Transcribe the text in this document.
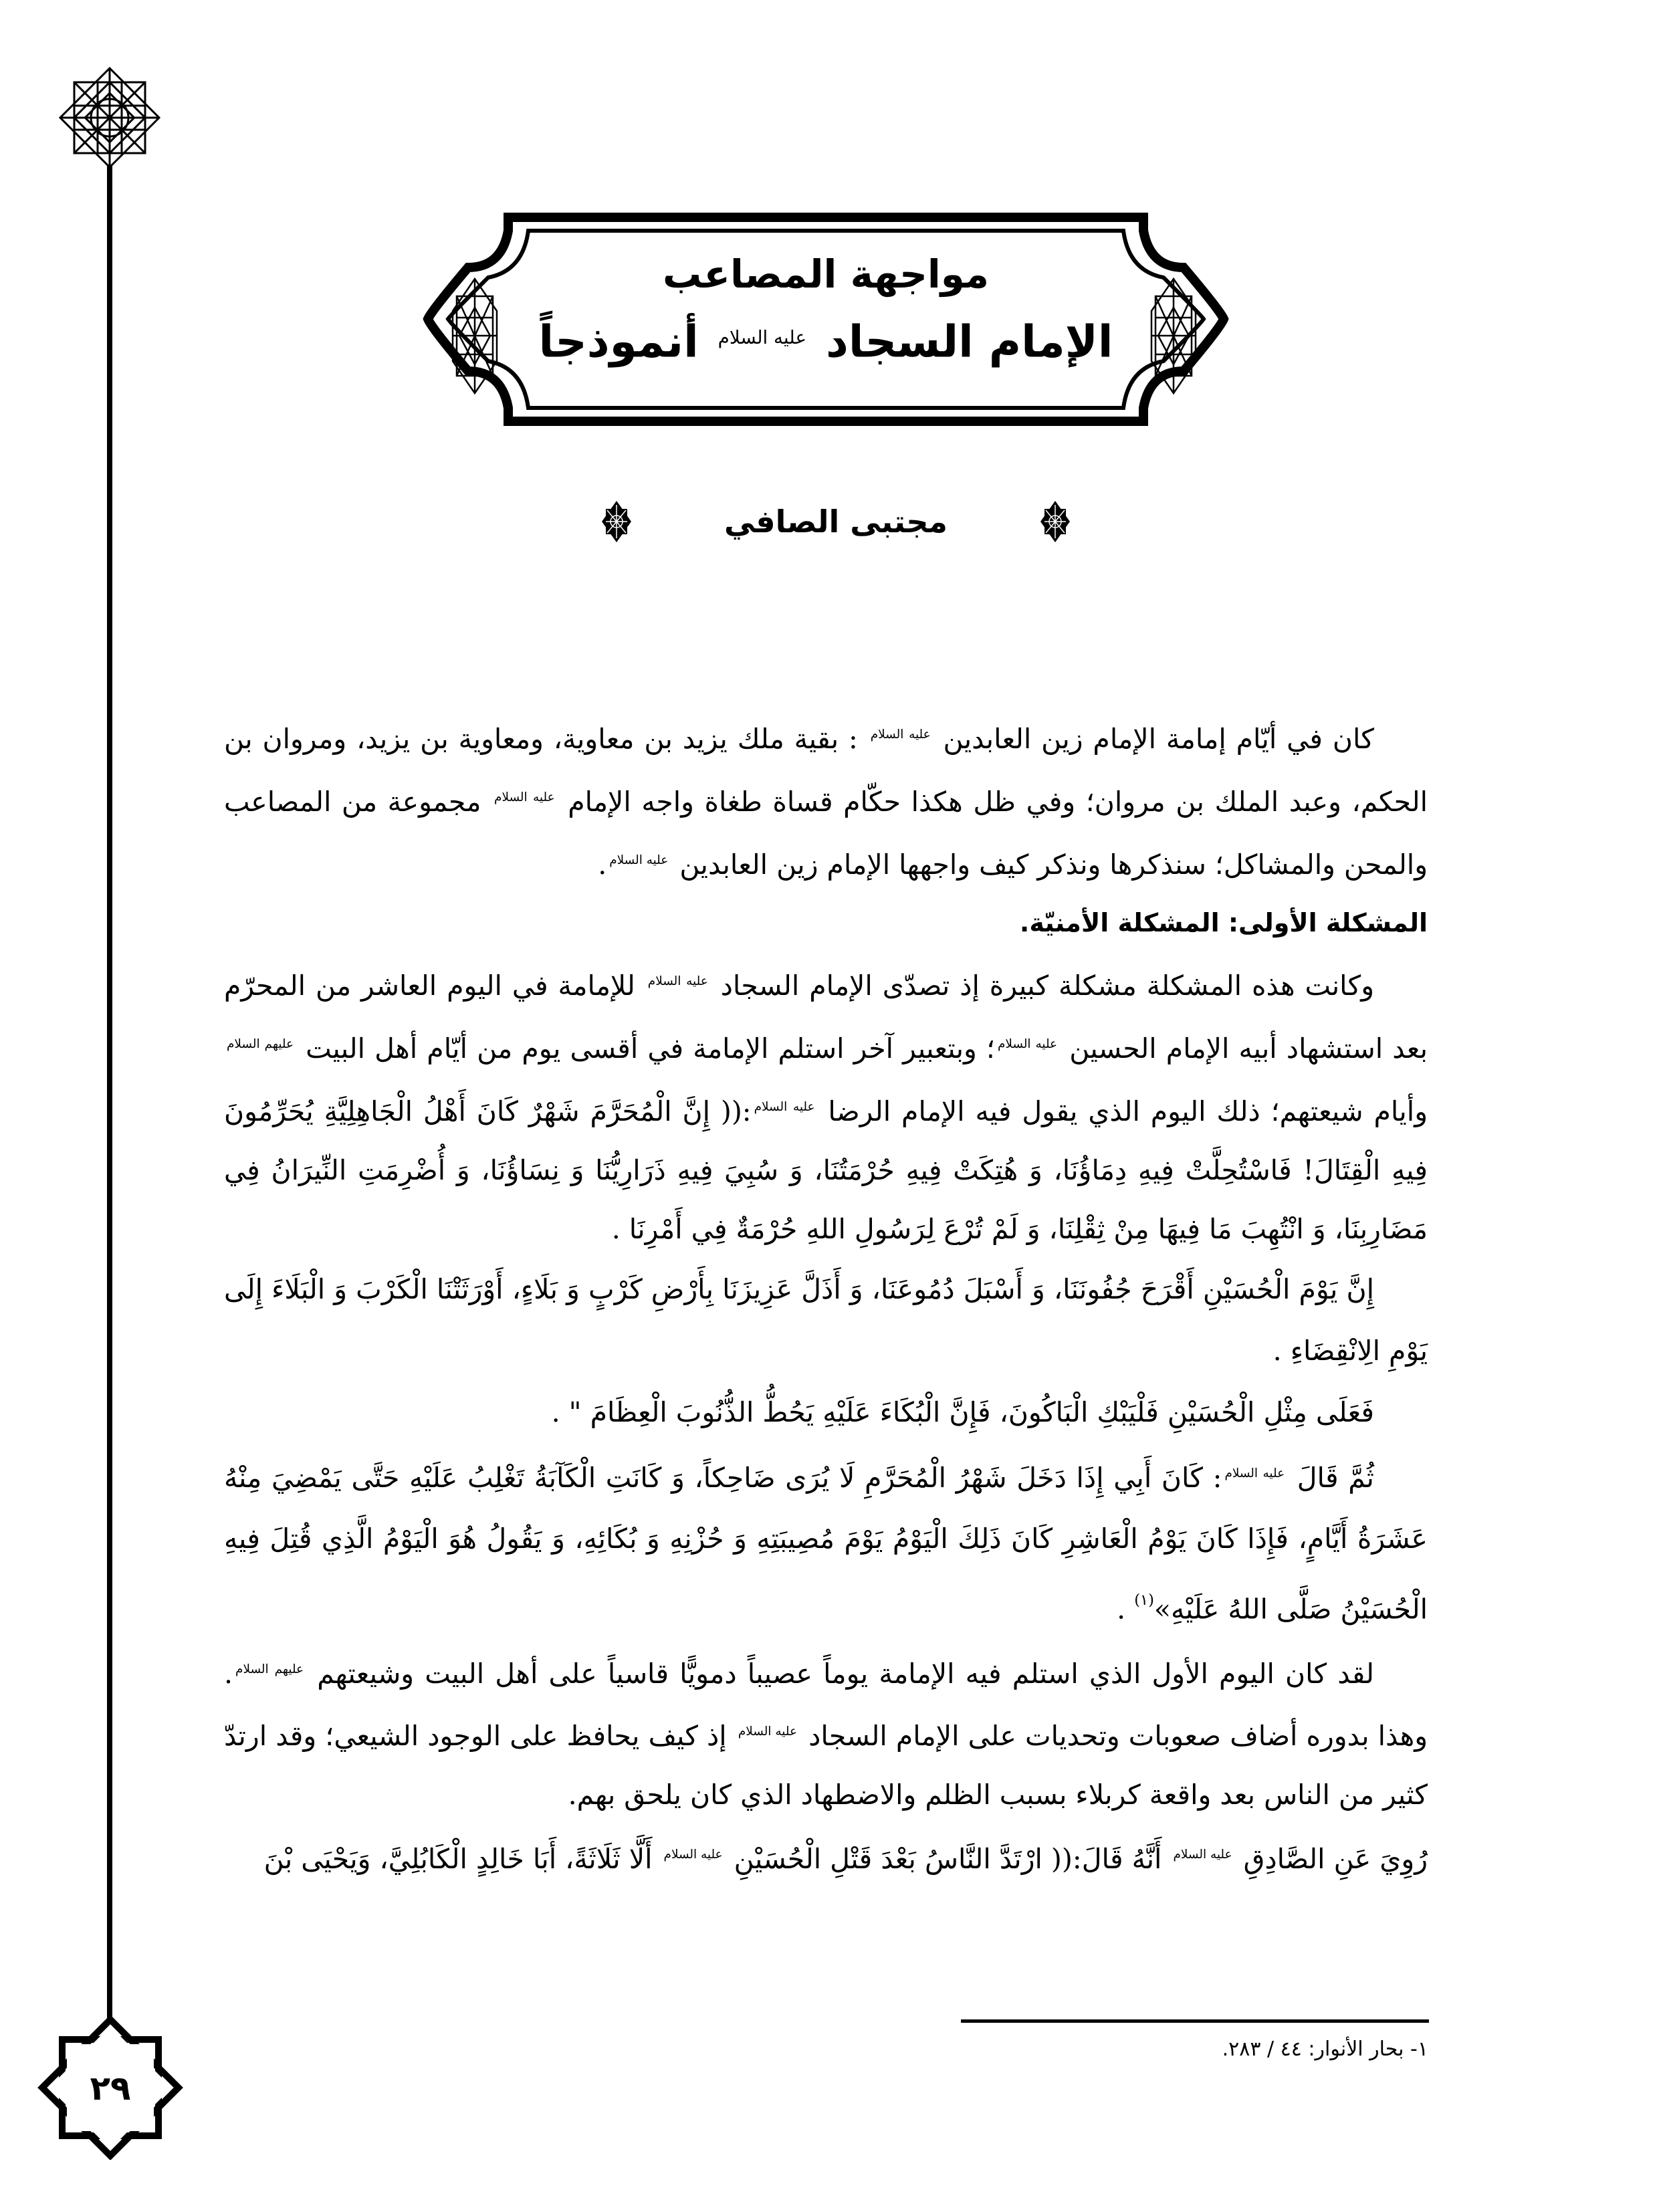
٢٩
مواجهة المصاعب
الإمام السجاد $^{عليه السلام}$ أنموذجاً
مجتبى الصافي

كان في أيّام إمامة الإمام زين العابدين $^{عليه السلام}$ : بقية ملك يزيد بن معاوية، ومعاوية بن يزيد، ومروان بن الحكم، وعبد الملك بن مروان؛ وفي ظل هكذا حكّام قساة طغاة واجه الإمام $^{عليه السلام}$ مجموعة من المصاعب والمحن والمشاكل؛ سنذكرها ونذكر كيف واجهها الإمام زين العابدين $^{عليه السلام}$.

المشكلة الأولى: المشكلة الأمنيّة.

وكانت هذه المشكلة مشكلة كبيرة إذ تصدّى الإمام السجاد $^{عليه السلام}$ للإمامة في اليوم العاشر من المحرّم بعد استشهاد أبيه الإمام الحسين $^{عليه السلام}$؛ وبتعبير آخر استلم الإمامة في أقسى يوم من أيّام أهل البيت $^{عليهم السلام}$ وأيام شيعتهم؛ ذلك اليوم الذي يقول فيه الإمام الرضا $^{عليه السلام}$:(( إِنَّ الْمُحَرَّمَ شَهْرٌ كَانَ أَهْلُ الْجَاهِلِيَّةِ يُحَرِّمُونَ فِيهِ الْقِتَالَ! فَاسْتُحِلَّتْ فِيهِ دِمَاؤُنَا، وَ هُتِكَتْ فِيهِ حُرْمَتُنَا، وَ سُبِيَ فِيهِ ذَرَارِيُّنَا وَ نِسَاؤُنَا، وَ أُضْرِمَتِ النِّيرَانُ فِي مَضَارِبِنَا، وَ انْتُهِبَ مَا فِيهَا مِنْ ثِقْلِنَا، وَ لَمْ تُرْعَ لِرَسُولِ اللهِ حُرْمَةٌ فِي أَمْرِنَا .

إِنَّ يَوْمَ الْحُسَيْنِ أَقْرَحَ جُفُونَنَا، وَ أَسْبَلَ دُمُوعَنَا، وَ أَذَلَّ عَزِيزَنَا بِأَرْضِ كَرْبٍ وَ بَلَاءٍ، أَوْرَثَتْنَا الْكَرْبَ وَ الْبَلَاءَ إِلَى يَوْمِ الِانْقِضَاءِ .

فَعَلَى مِثْلِ الْحُسَيْنِ فَلْيَبْكِ الْبَاكُونَ، فَإِنَّ الْبُكَاءَ عَلَيْهِ يَحُطُّ الذُّنُوبَ الْعِظَامَ " .

ثُمَّ قَالَ $^{عليه السلام}$: كَانَ أَبِي إِذَا دَخَلَ شَهْرُ الْمُحَرَّمِ لَا يُرَى ضَاحِكاً، وَ كَانَتِ الْكَآبَةُ تَغْلِبُ عَلَيْهِ حَتَّى يَمْضِيَ مِنْهُ عَشَرَةُ أَيَّامٍ، فَإِذَا كَانَ يَوْمُ الْعَاشِرِ كَانَ ذَلِكَ الْيَوْمُ يَوْمَ مُصِيبَتِهِ وَ حُزْنِهِ وَ بُكَائِهِ، وَ يَقُولُ هُوَ الْيَوْمُ الَّذِي قُتِلَ فِيهِ الْحُسَيْنُ صَلَّى اللهُ عَلَيْهِ»$^{(١)}$ .

لقد كان اليوم الأول الذي استلم فيه الإمامة يوماً عصيباً دمويًّا قاسياً على أهل البيت وشيعتهم $^{عليهم السلام}$. وهذا بدوره أضاف صعوبات وتحديات على الإمام السجاد $^{عليه السلام}$ إذ كيف يحافظ على الوجود الشيعي؛ وقد ارتدّ كثير من الناس بعد واقعة كربلاء بسبب الظلم والاضطهاد الذي كان يلحق بهم.

رُوِيَ عَنِ الصَّادِقِ $^{عليه السلام}$ أَنَّهُ قَالَ:(( ارْتَدَّ النَّاسُ بَعْدَ قَتْلِ الْحُسَيْنِ $^{عليه السلام}$ أَلَّا ثَلَاثَةً، أَبَا خَالِدٍ الْكَابُلِيَّ، وَيَحْيَى بْنَ

١- بحار الأنوار: ٤٤ / ٢٨٣.
